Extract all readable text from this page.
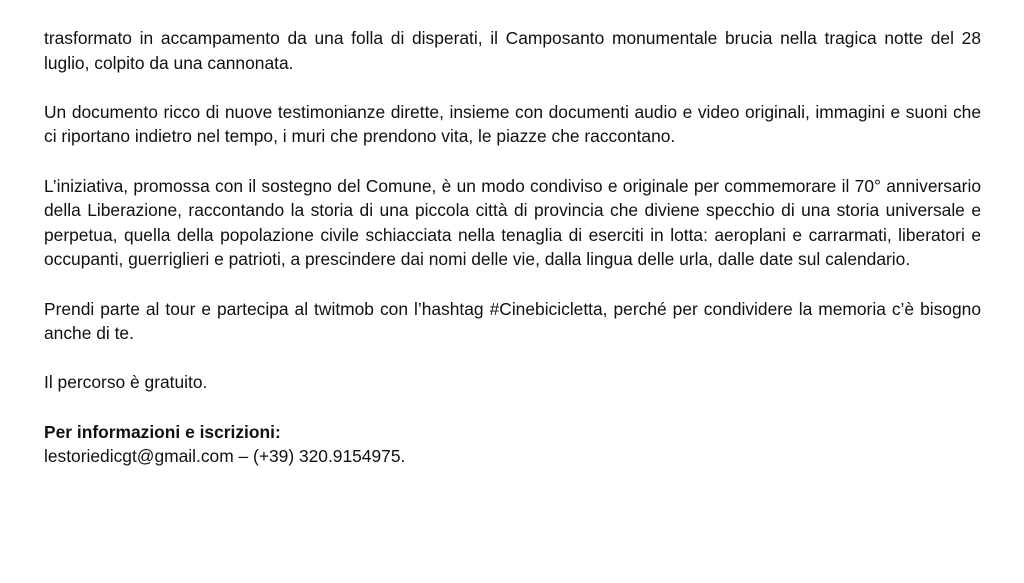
trasformato in accampamento da una folla di disperati, il Camposanto monumentale brucia nella tragica notte del 28 luglio, colpito da una cannonata.

Un documento ricco di nuove testimonianze dirette, insieme con documenti audio e video originali, immagini e suoni che ci riportano indietro nel tempo, i muri che prendono vita, le piazze che raccontano.

L’iniziativa, promossa con il sostegno del Comune, è un modo condiviso e originale per commemorare il 70° anniversario della Liberazione, raccontando la storia di una piccola città di provincia che diviene specchio di una storia universale e perpetua, quella della popolazione civile schiacciata nella tenaglia di eserciti in lotta: aeroplani e carrarmati, liberatori e occupanti, guerriglieri e patrioti, a prescindere dai nomi delle vie, dalla lingua delle urla, dalle date sul calendario.

Prendi parte al tour e partecipa al twitmob con l’hashtag #Cinebicicletta, perché per condividere la memoria c’è bisogno anche di te.

Il percorso è gratuito.

Per informazioni e iscrizioni:
lestoriedicgt@gmail.com – (+39) 320.9154975.
